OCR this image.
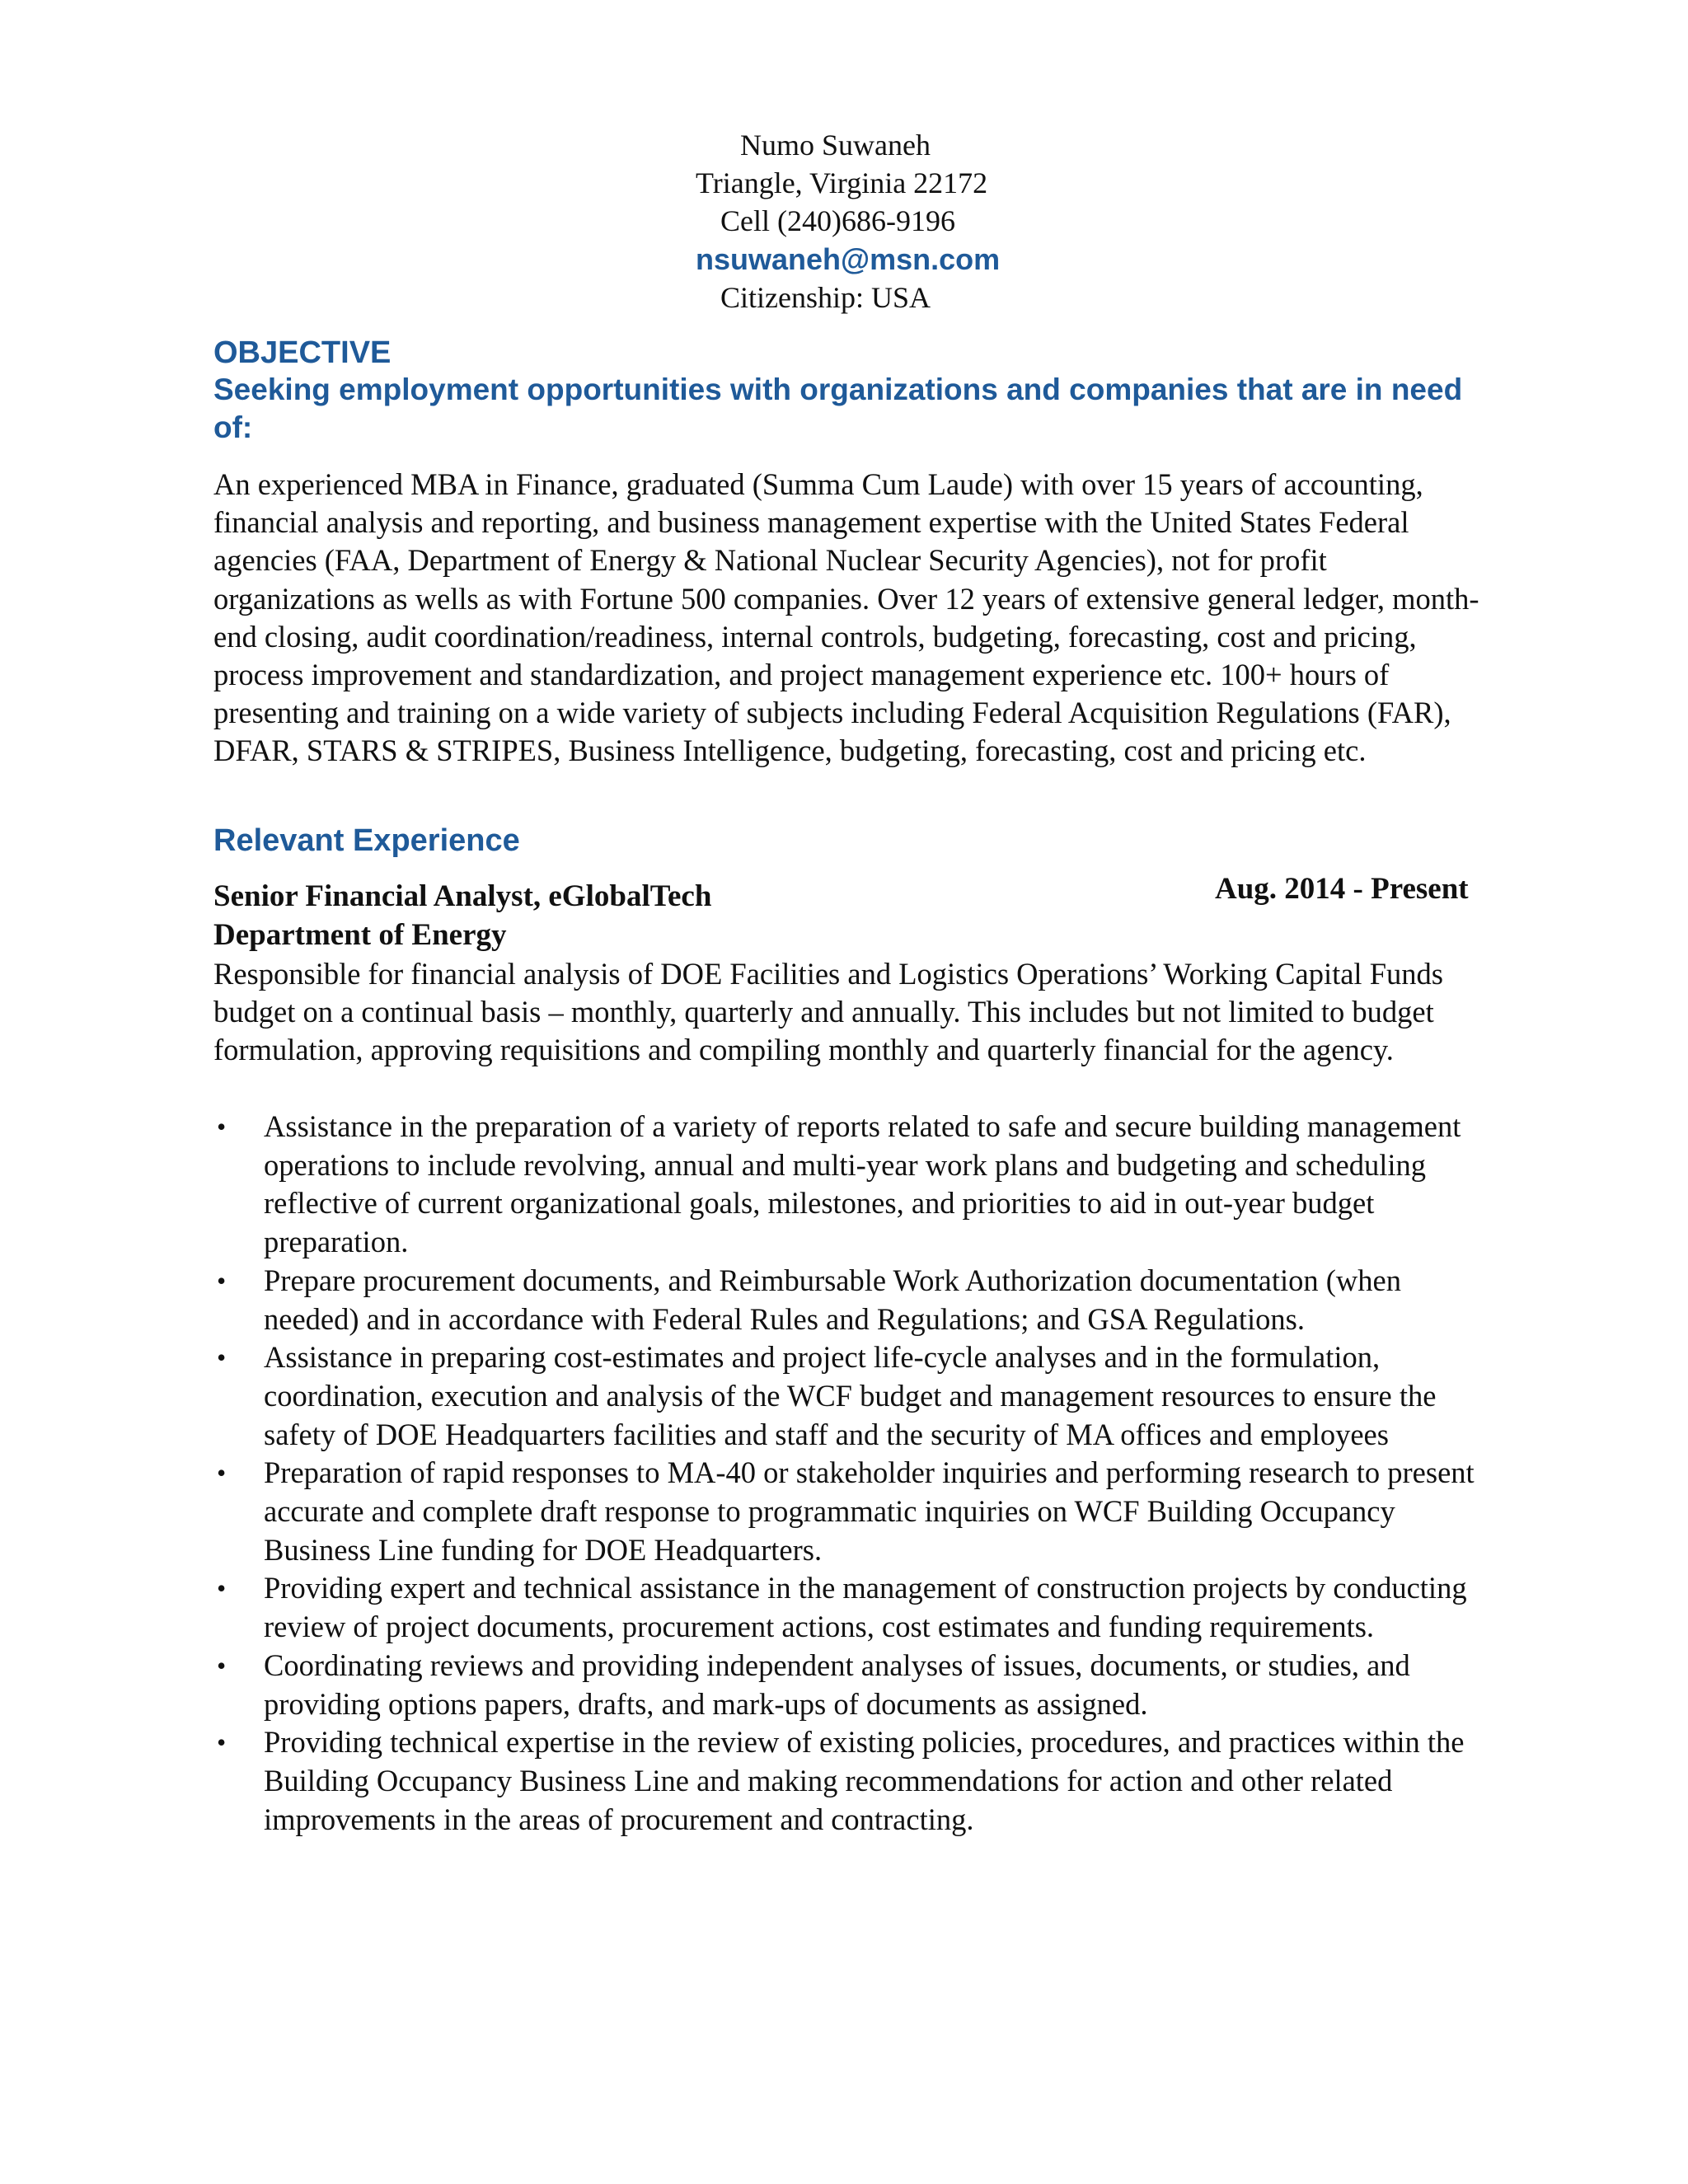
Numo Suwaneh
Triangle, Virginia 22172
Cell (240)686-9196
nsuwaneh@msn.com
Citizenship: USA
OBJECTIVE

Seeking employment opportunities with organizations and companies that are in need of:

An experienced MBA in Finance, graduated (Summa Cum Laude) with over 15 years of accounting, financial analysis and reporting, and business management expertise with the United States Federal agencies (FAA, Department of Energy & National Nuclear Security Agencies), not for profit organizations as wells as with Fortune 500 companies. Over 12 years of extensive general ledger, month-end closing, audit coordination/readiness, internal controls, budgeting, forecasting, cost and pricing, process improvement and standardization, and project management experience etc. 100+ hours of presenting and training on a wide variety of subjects including Federal Acquisition Regulations (FAR), DFAR, STARS & STRIPES, Business Intelligence, budgeting, forecasting, cost and pricing etc.

Relevant Experience
Senior Financial Analyst, eGlobalTech	Aug. 2014 - Present
Department of Energy

Responsible for financial analysis of DOE Facilities and Logistics Operations’ Working Capital Funds budget on a continual basis – monthly, quarterly and annually. This includes but not limited to budget formulation, approving requisitions and compiling monthly and quarterly financial for the agency.

• Assistance in the preparation of a variety of reports related to safe and secure building management operations to include revolving, annual and multi-year work plans and budgeting and scheduling reflective of current organizational goals, milestones, and priorities to aid in out-year budget preparation.
• Prepare procurement documents, and Reimbursable Work Authorization documentation (when needed) and in accordance with Federal Rules and Regulations; and GSA Regulations.
• Assistance in preparing cost-estimates and project life-cycle analyses and in the formulation, coordination, execution and analysis of the WCF budget and management resources to ensure the safety of DOE Headquarters facilities and staff and the security of MA offices and employees
• Preparation of rapid responses to MA-40 or stakeholder inquiries and performing research to present accurate and complete draft response to programmatic inquiries on WCF Building Occupancy Business Line funding for DOE Headquarters.
• Providing expert and technical assistance in the management of construction projects by conducting review of project documents, procurement actions, cost estimates and funding requirements.
• Coordinating reviews and providing independent analyses of issues, documents, or studies, and providing options papers, drafts, and mark-ups of documents as assigned.
• Providing technical expertise in the review of existing policies, procedures, and practices within the Building Occupancy Business Line and making recommendations for action and other related improvements in the areas of procurement and contracting.
